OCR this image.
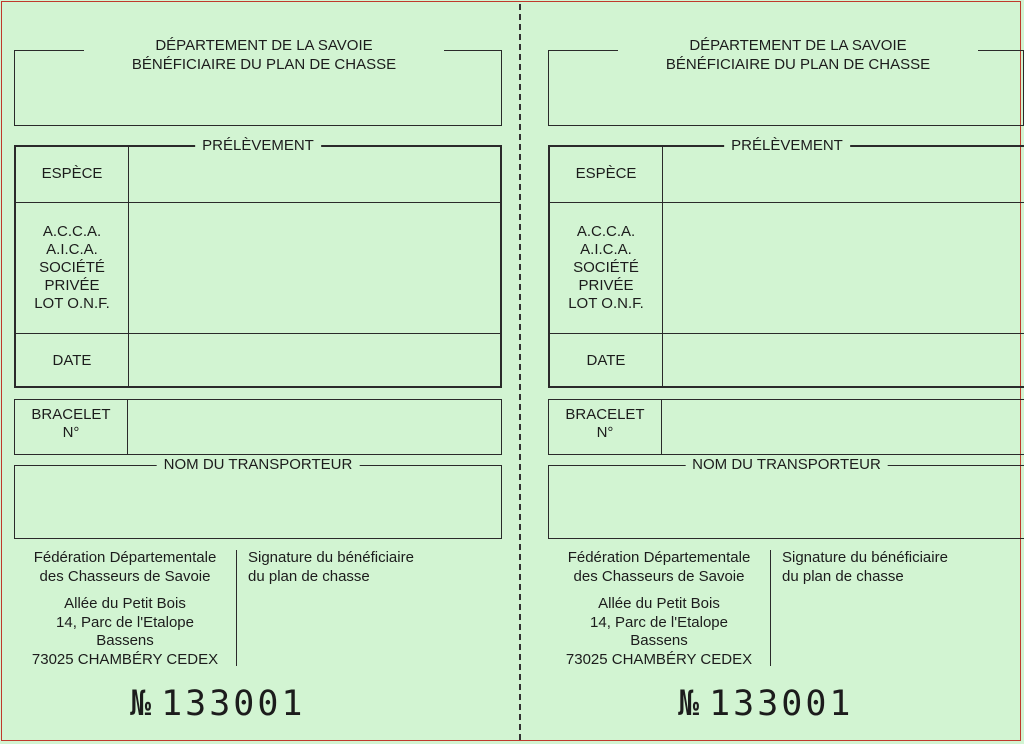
DÉPARTEMENT DE LA SAVOIE
BÉNÉFICIAIRE DU PLAN DE CHASSE
PRÉLÈVEMENT
ESPÈCE
A.C.C.A.
A.I.C.A.
SOCIÉTÉ
PRIVÉE
LOT O.N.F.
DATE
BRACELET
N°
NOM DU TRANSPORTEUR
Fédération Départementale
des Chasseurs de Savoie
Allée du Petit Bois
14, Parc de l'Etalope
Bassens
73025 CHAMBÉRY CEDEX
Signature du bénéficiaire
du plan de chasse
№ 133001
DÉPARTEMENT DE LA SAVOIE
BÉNÉFICIAIRE DU PLAN DE CHASSE
PRÉLÈVEMENT
ESPÈCE
A.C.C.A.
A.I.C.A.
SOCIÉTÉ
PRIVÉE
LOT O.N.F.
DATE
BRACELET
N°
NOM DU TRANSPORTEUR
Fédération Départementale
des Chasseurs de Savoie
Allée du Petit Bois
14, Parc de l'Etalope
Bassens
73025 CHAMBÉRY CEDEX
Signature du bénéficiaire
du plan de chasse
№ 133001
